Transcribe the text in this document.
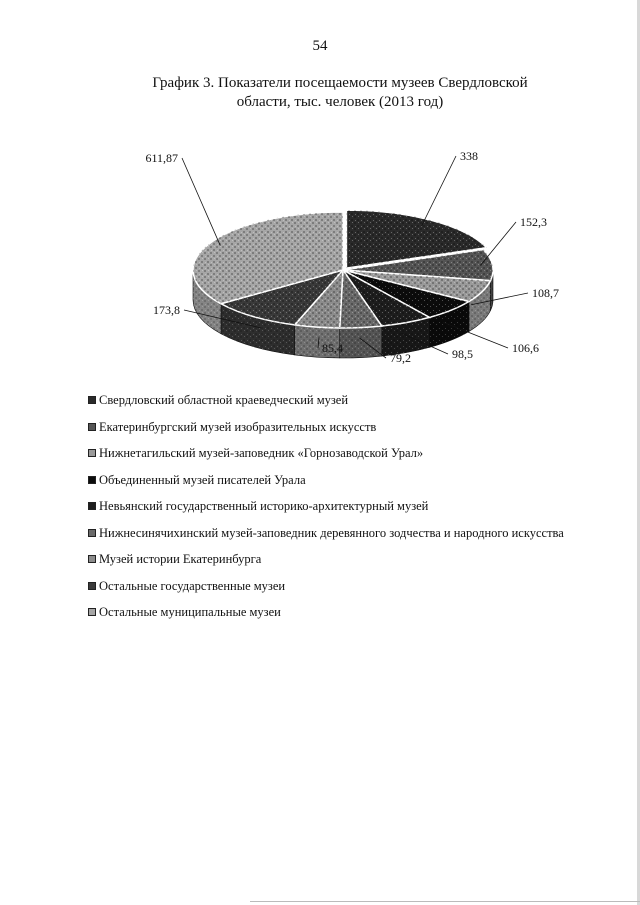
54
График 3. Показатели посещаемости музеев Свердловской
области, тыс. человек (2013 год)
338
152,3
108,7
106,6
98,5
79,2
85,4
173,8
611,87
Свердловский областной краеведческий музей
Екатеринбургский музей изобразительных искусств
Нижнетагильский музей-заповедник «Горнозаводской Урал»
Объединенный музей писателей Урала
Невьянский государственный историко-архитектурный музей
Нижнесинячихинский музей-заповедник деревянного зодчества и народного искусства
Музей истории Екатеринбурга
Остальные государственные музеи
Остальные муниципальные музеи
